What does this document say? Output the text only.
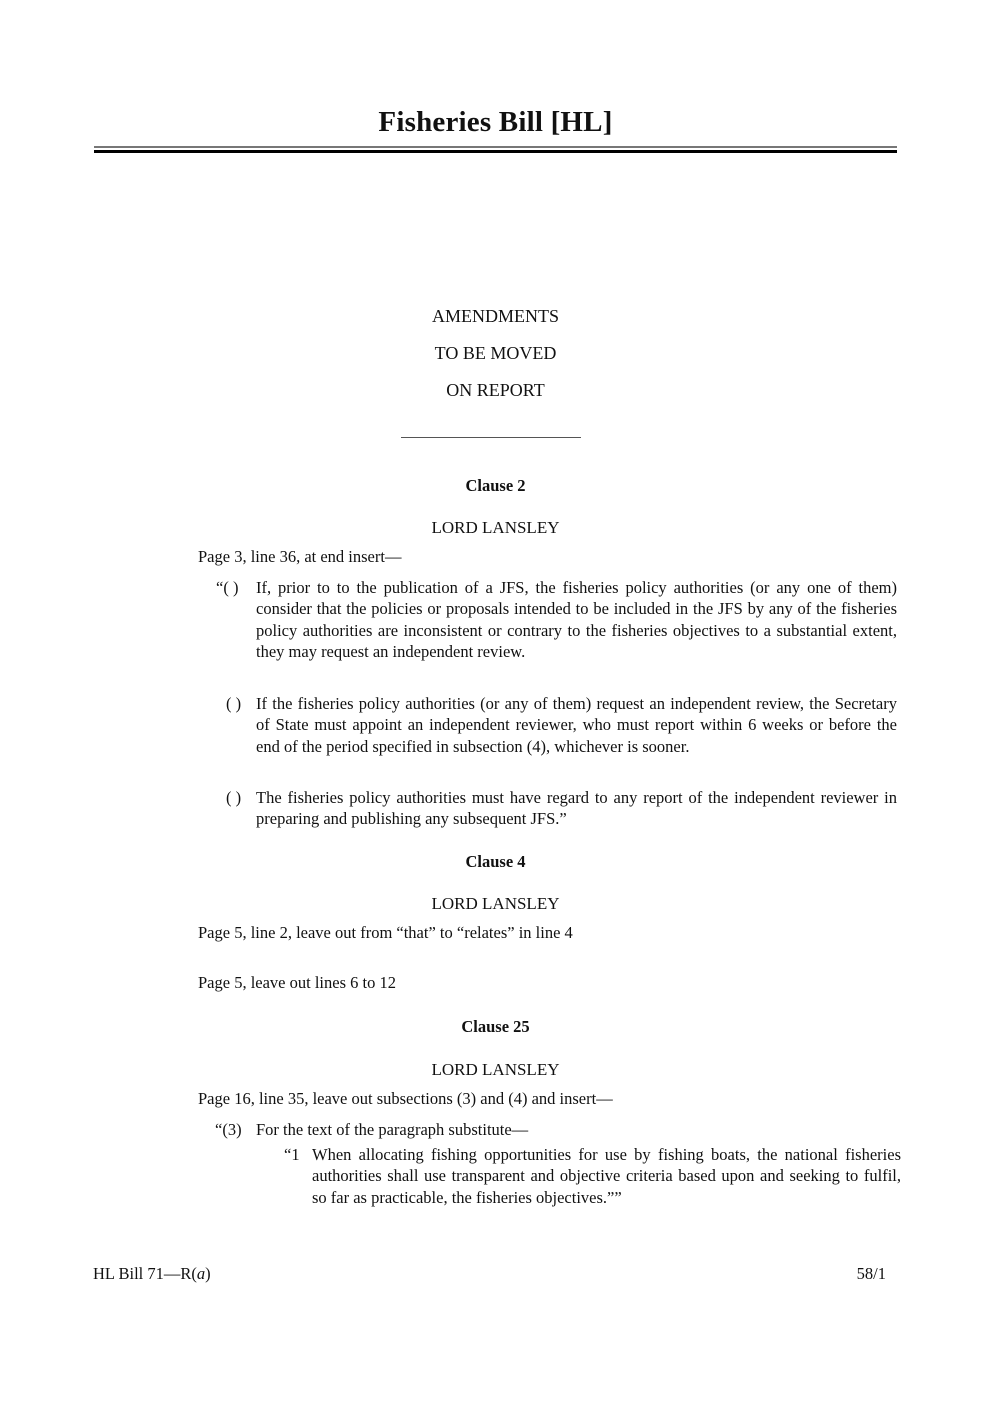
Fisheries Bill [HL]
AMENDMENTS
TO BE MOVED
ON REPORT
Clause 2
LORD LANSLEY
Page 3, line 36, at end insert—
“( )	If, prior to to the publication of a JFS, the fisheries policy authorities (or any one of them) consider that the policies or proposals intended to be included in the JFS by any of the fisheries policy authorities are inconsistent or contrary to the fisheries objectives to a substantial extent, they may request an independent review.
( ) If the fisheries policy authorities (or any of them) request an independent review, the Secretary of State must appoint an independent reviewer, who must report within 6 weeks or before the end of the period specified in subsection (4), whichever is sooner.
( ) The fisheries policy authorities must have regard to any report of the independent reviewer in preparing and publishing any subsequent JFS.”
Clause 4
LORD LANSLEY
Page 5, line 2, leave out from “that” to “relates” in line 4
Page 5, leave out lines 6 to 12
Clause 25
LORD LANSLEY
Page 16, line 35, leave out subsections (3) and (4) and insert—
“(3) For the text of the paragraph substitute—
“1 When allocating fishing opportunities for use by fishing boats, the national fisheries authorities shall use transparent and objective criteria based upon and seeking to fulfil, so far as practicable, the fisheries objectives.””
HL Bill 71—R(a)	58/1
